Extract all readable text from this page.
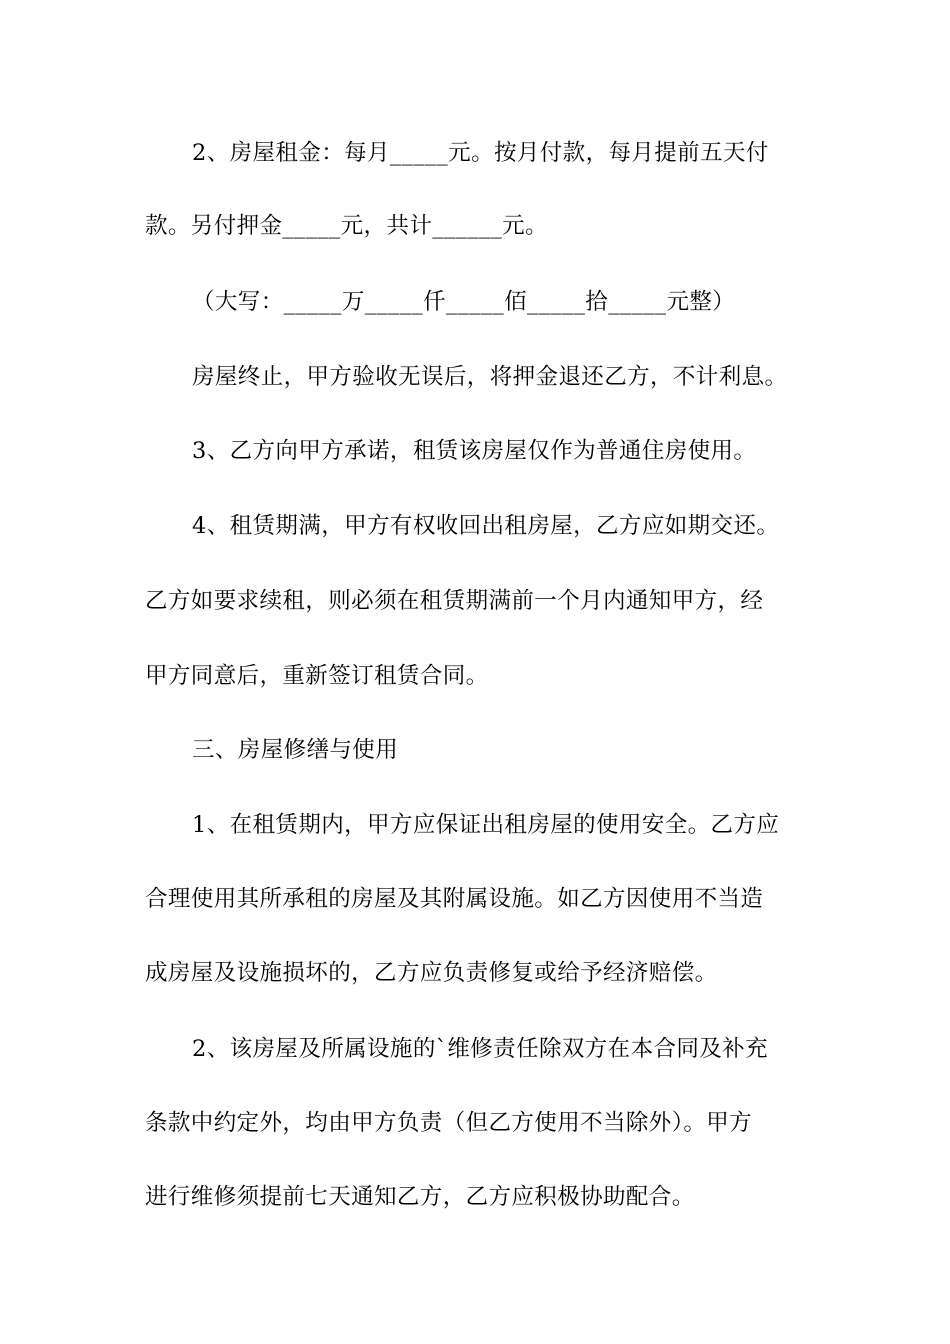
2、房屋租金：每月_____元。按月付款，每月提前五天付
款。另付押金_____元，共计______元。
（大写：_____万_____仟_____佰_____拾_____元整）
房屋终止，甲方验收无误后，将押金退还乙方，不计利息。
3、乙方向甲方承诺，租赁该房屋仅作为普通住房使用。
4、租赁期满，甲方有权收回出租房屋，乙方应如期交还。
乙方如要求续租，则必须在租赁期满前一个月内通知甲方，经
甲方同意后，重新签订租赁合同。
三、房屋修缮与使用
1、在租赁期内，甲方应保证出租房屋的使用安全。乙方应
合理使用其所承租的房屋及其附属设施。如乙方因使用不当造
成房屋及设施损坏的，乙方应负责修复或给予经济赔偿。
2、该房屋及所属设施的`维修责任除双方在本合同及补充
条款中约定外，均由甲方负责（但乙方使用不当除外）。甲方
进行维修须提前七天通知乙方，乙方应积极协助配合。
